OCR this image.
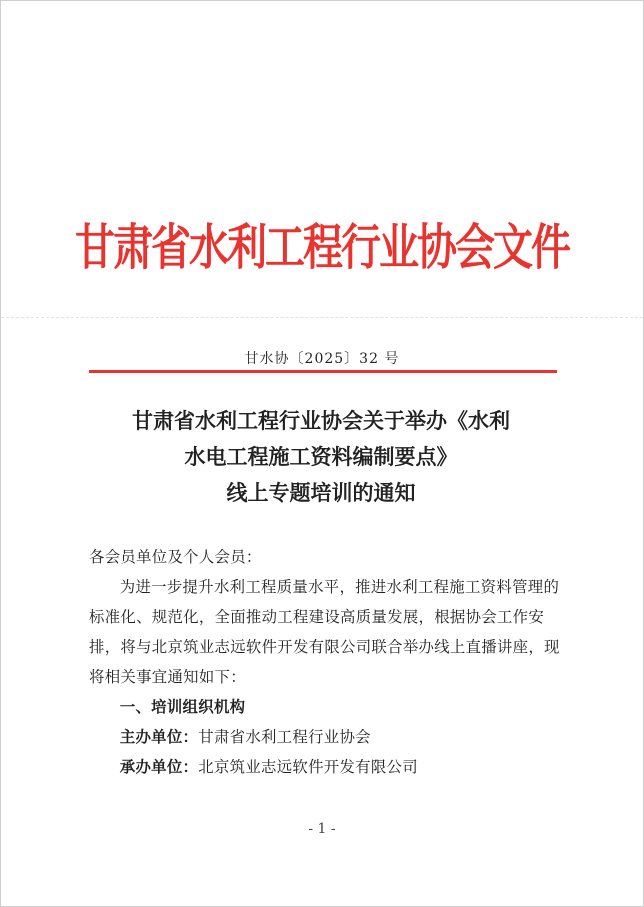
甘肃省水利工程行业协会文件
甘水协〔2025〕32 号
甘肃省水利工程行业协会关于举办《水利
水电工程施工资料编制要点》
线上专题培训的通知

各会员单位及个人会员：

为进一步提升水利工程质量水平，推进水利工程施工资料管理的标准化、规范化，全面推动工程建设高质量发展，根据协会工作安排，将与北京筑业志远软件开发有限公司联合举办线上直播讲座，现将相关事宜通知如下：

一、培训组织机构

主办单位：甘肃省水利工程行业协会

承办单位：北京筑业志远软件开发有限公司

- 1 -
